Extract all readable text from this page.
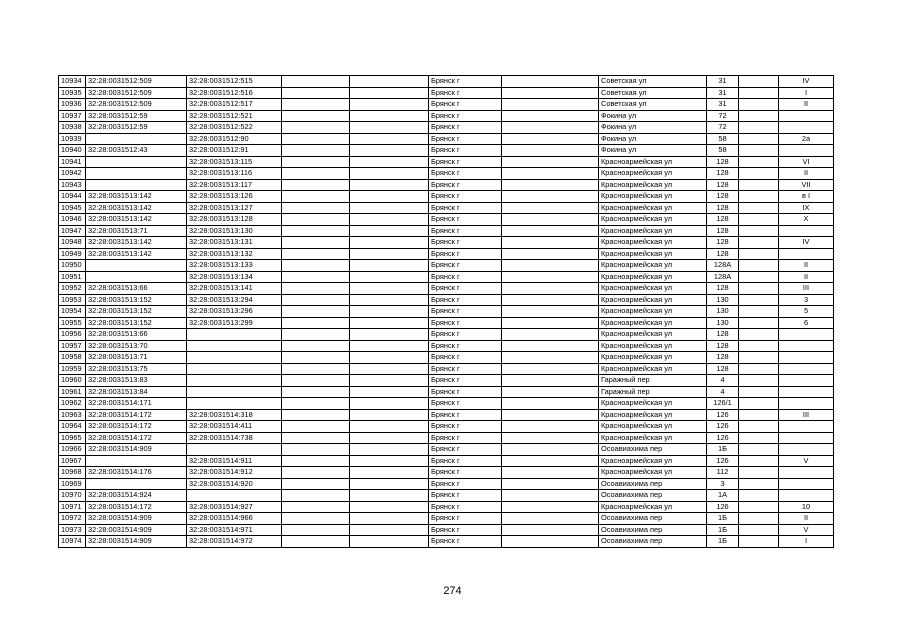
10934	32:28:0031512:509	32:28:0031512:515			Брянск г		Советская ул	31		IV
10935	32:28:0031512:509	32:28:0031512:516			Брянск г		Советская ул	31		I
10936	32:28:0031512:509	32:28:0031512:517			Брянск г		Советская ул	31		II
10937	32:28:0031512:59	32:28:0031512:521			Брянск г		Фокина ул	72		
10938	32:28:0031512:59	32:28:0031512:522			Брянск г		Фокина ул	72		
10939		32:28:0031512:90			Брянск г		Фокина ул	58		2а
10940	32:28:0031512:43	32:28:0031512:91			Брянск г		Фокина ул	58		
10941		32:28:0031513:115			Брянск г		Красноармейская ул	128		VI
10942		32:28:0031513:116			Брянск г		Красноармейская ул	128		II
10943		32:28:0031513:117			Брянск г		Красноармейская ул	128		VII
10944	32:28:0031513:142	32:28:0031513:126			Брянск г		Красноармейская ул	128		в I
10945	32:28:0031513:142	32:28:0031513:127			Брянск г		Красноармейская ул	128		IX
10946	32:28:0031513:142	32:28:0031513:128			Брянск г		Красноармейская ул	128		X
10947	32:28:0031513:71	32:28:0031513:130			Брянск г		Красноармейская ул	128		
10948	32:28:0031513:142	32:28:0031513:131			Брянск г		Красноармейская ул	128		IV
10949	32:28:0031513:142	32:28:0031513:132			Брянск г		Красноармейская ул	128		
10950		32:28:0031513:133			Брянск г		Красноармейская ул	128А		II
10951		32:28:0031513:134			Брянск г		Красноармейская ул	128А		II
10952	32:28:0031513:66	32:28:0031513:141			Брянск г		Красноармейская ул	128		III
10953	32:28:0031513:152	32:28:0031513:294			Брянск г		Красноармейская ул	130		3
10954	32:28:0031513:152	32:28:0031513:296			Брянск г		Красноармейская ул	130		5
10955	32:28:0031513:152	32:28:0031513:299			Брянск г		Красноармейская ул	130		6
10956	32:28:0031513:66				Брянск г		Красноармейская ул	128		
10957	32:28:0031513:70				Брянск г		Красноармейская ул	128		
10958	32:28:0031513:71				Брянск г		Красноармейская ул	128		
10959	32:28:0031513:75				Брянск г		Красноармейская ул	128		
10960	32:28:0031513:83				Брянск г		Гаражный пер	4		
10961	32:28:0031513:84				Брянск г		Гаражный пер	4		
10962	32:28:0031514:171				Брянск г		Красноармейская ул	126/1		
10963	32:28:0031514:172	32:28:0031514:318			Брянск г		Красноармейская ул	126		III
10964	32:28:0031514:172	32:28:0031514:411			Брянск г		Красноармейская ул	126		
10965	32:28:0031514:172	32:28:0031514:738			Брянск г		Красноармейская ул	126		
10966	32:28:0031514:909				Брянск г		Осоавиахима пер	1Б		
10967		32:28:0031514:911			Брянск г		Красноармейская ул	126		V
10968	32:28:0031514:176	32:28:0031514:912			Брянск г		Красноармейская ул	112		
10969		32:28:0031514:920			Брянск г		Осоавиахима пер	3		
10970	32:28:0031514:924				Брянск г		Осоавиахима пер	1А		
10971	32:28:0031514:172	32:28:0031514:927			Брянск г		Красноармейская ул	126		10
10972	32:28:0031514:909	32:28:0031514:966			Брянск г		Осоавиахима пер	1Б		II
10973	32:28:0031514:909	32:28:0031514:971			Брянск г		Осоавиахима пер	1Б		V
10974	32:28:0031514:909	32:28:0031514:972			Брянск г		Осоавиахима пер	1Б		I
274
